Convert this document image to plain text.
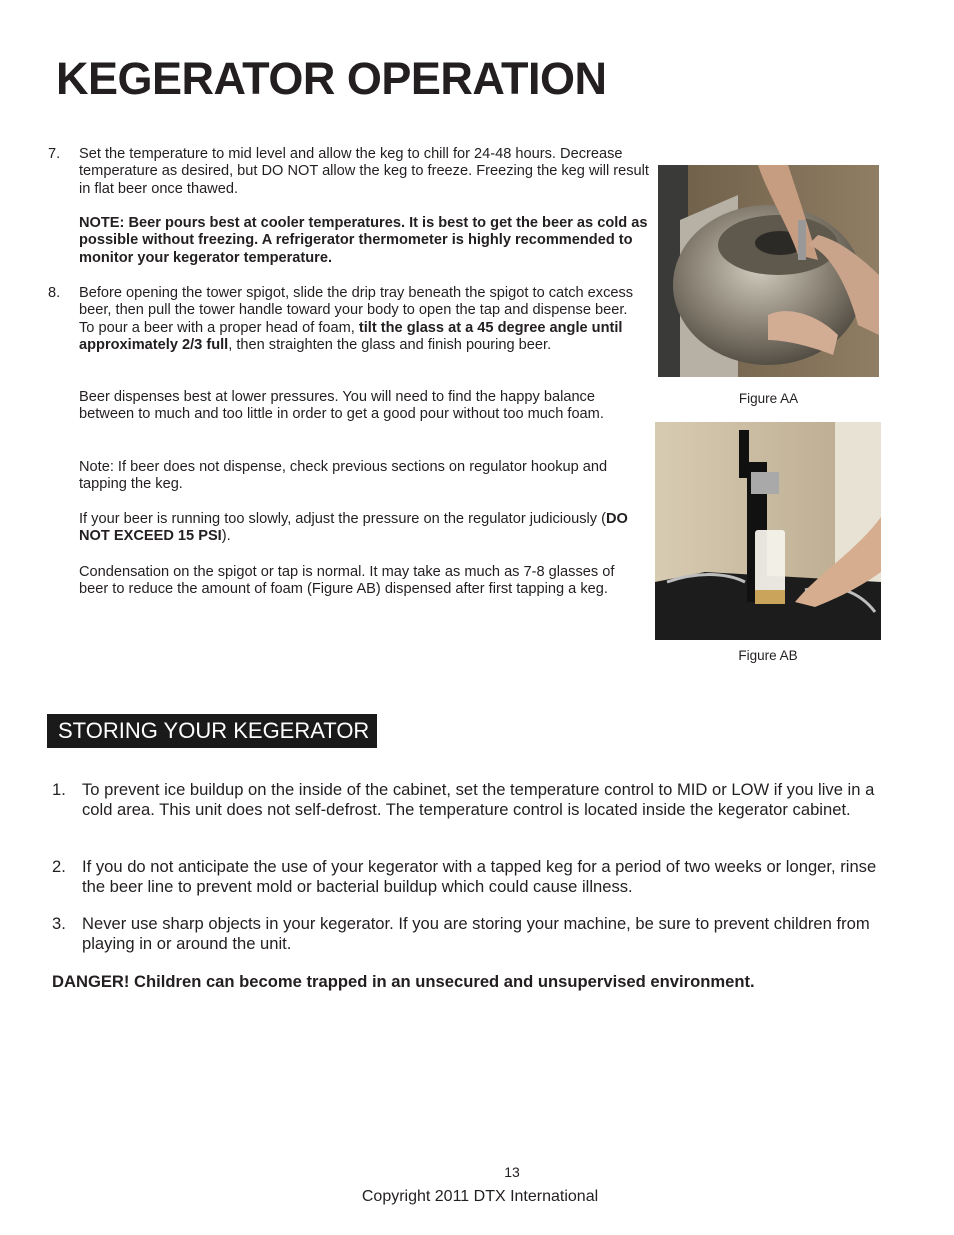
KEGERATOR OPERATION
7. Set the temperature to mid level and allow the keg to chill for 24-48 hours. Decrease temperature as desired, but DO NOT allow the keg to freeze. Freezing the keg will result in flat beer once thawed.

NOTE: Beer pours best at cooler temperatures. It is best to get the beer as cold as possible without freezing. A refrigerator thermometer is highly recommended to monitor your kegerator temperature.

8. Before opening the tower spigot, slide the drip tray beneath the spigot to catch excess beer, then pull the tower handle toward your body to open the tap and dispense beer. To pour a beer with a proper head of foam, tilt the glass at a 45 degree angle until approximately 2/3 full, then straighten the glass and finish pouring beer.

Beer dispenses best at lower pressures. You will need to find the happy balance between to much and too little in order to get a good pour without too much foam.

Note: If beer does not dispense, check previous sections on regulator hookup and tapping the keg.

If your beer is running too slowly, adjust the pressure on the regulator judiciously (DO NOT EXCEED 15 PSI).

Condensation on the spigot or tap is normal. It may take as much as 7-8 glasses of beer to reduce the amount of foam (Figure AB) dispensed after first tapping a keg.

Figure AA
Figure AB
STORING YOUR KEGERATOR
1. To prevent ice buildup on the inside of the cabinet, set the temperature control to MID or LOW if you live in a cold area. This unit does not self-defrost. The temperature control is located inside the kegerator cabinet.

2. If you do not anticipate the use of your kegerator with a tapped keg for a period of two weeks or longer, rinse the beer line to prevent mold or bacterial buildup which could cause illness.

3. Never use sharp objects in your kegerator. If you are storing your machine, be sure to prevent children from playing in or around the unit.

DANGER! Children can become trapped in an unsecured and unsupervised environment.

13
Copyright 2011 DTX International
